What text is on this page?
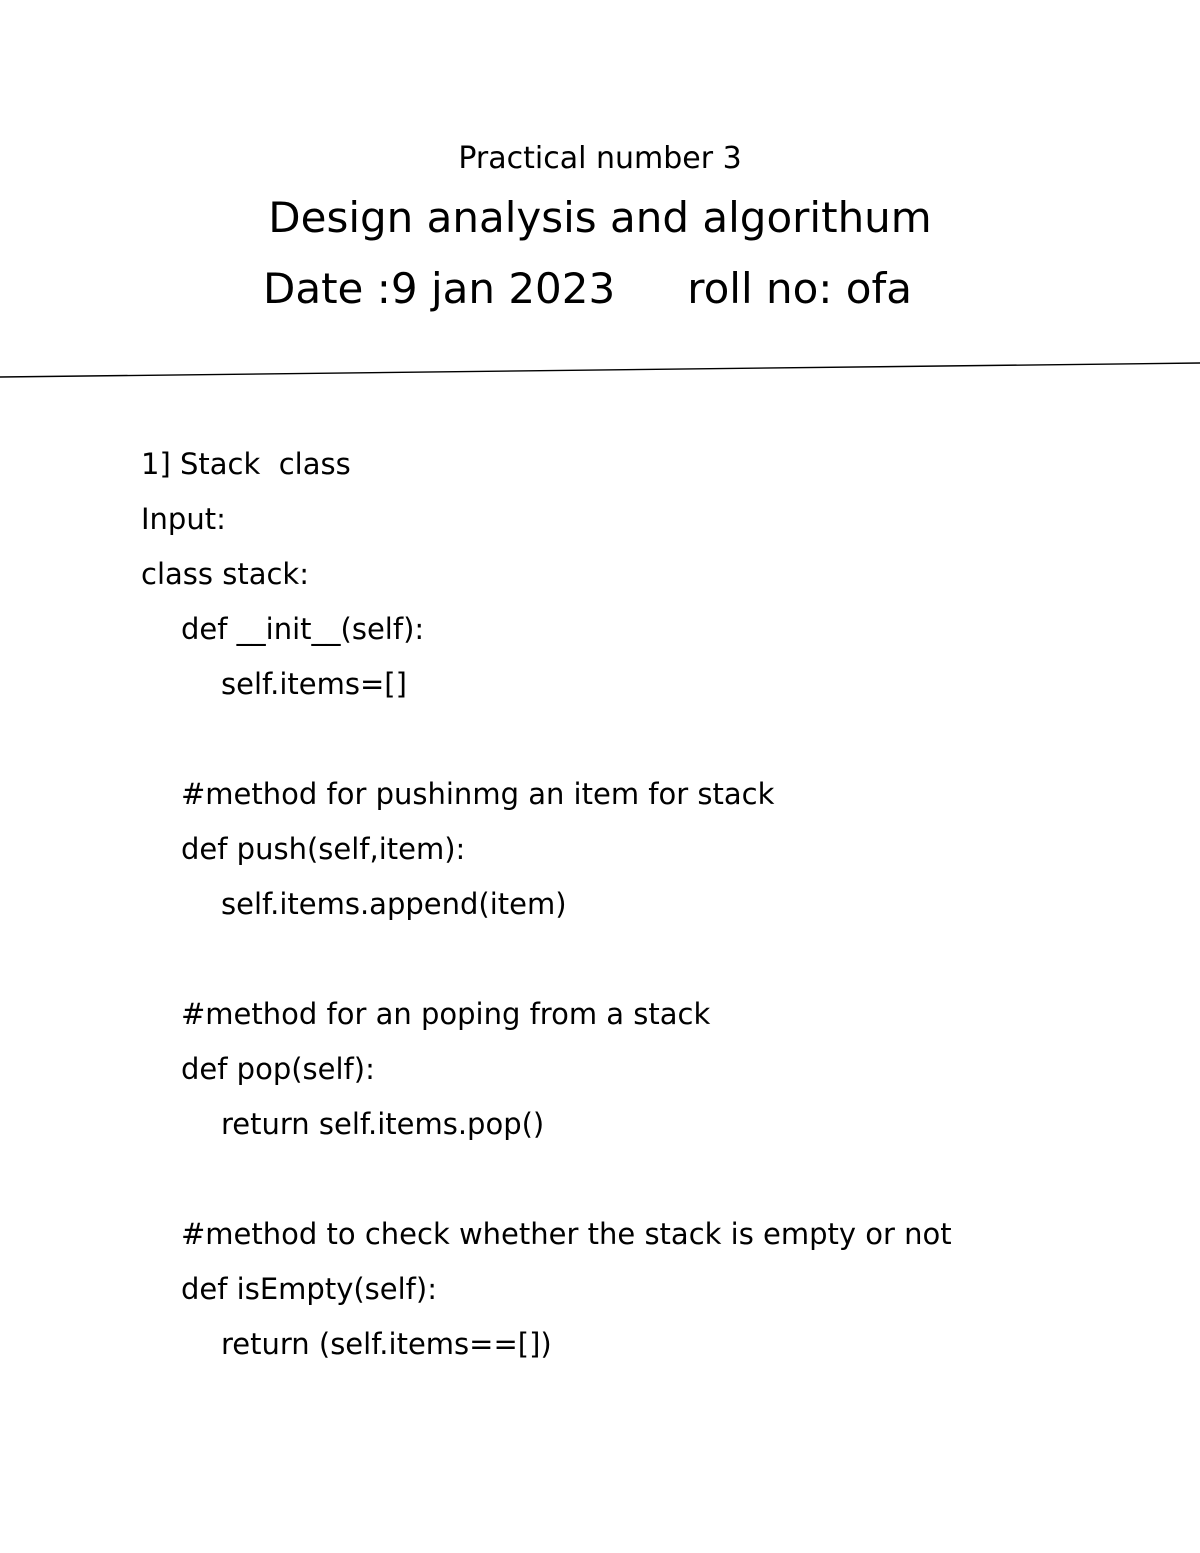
Practical number 3
Design analysis and algorithum
Date :9 jan 2023 roll no: ofa

1] Stack  class

Input:

class stack:

def __init__(self):

self.items=[]

#method for pushinmg an item for stack

def push(self,item):

self.items.append(item)

#method for an poping from a stack

def pop(self):

return self.items.pop()

#method to check whether the stack is empty or not

def isEmpty(self):

return (self.items==[])
